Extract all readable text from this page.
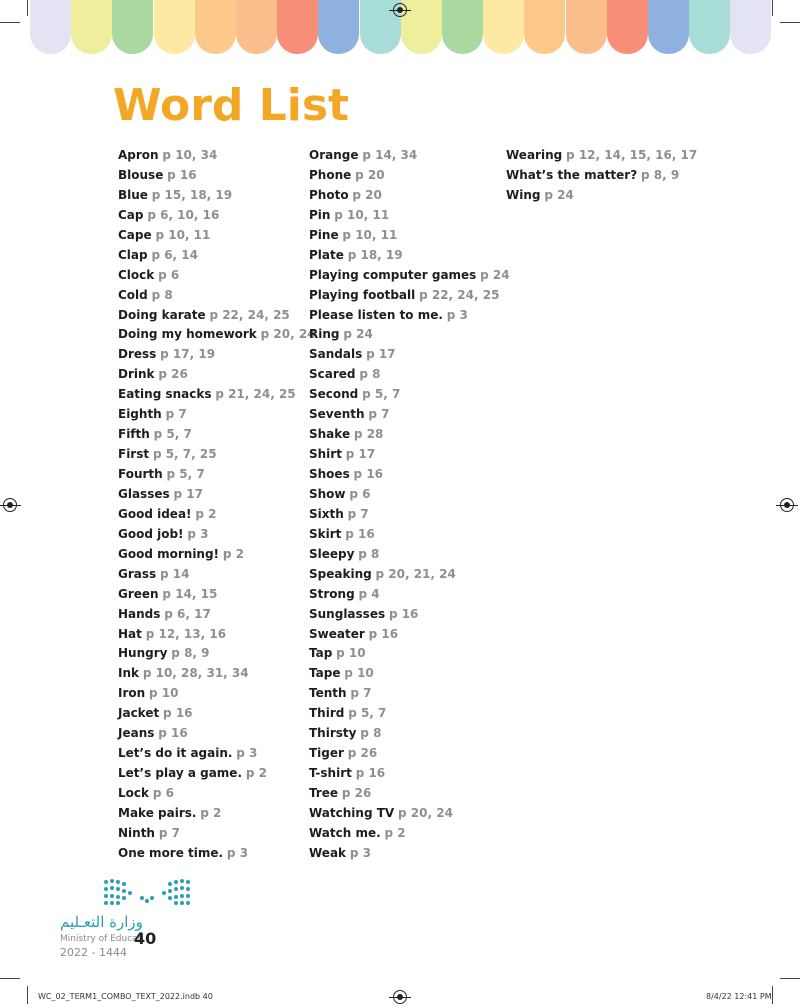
Word List
Apron p 10, 34
Blouse p 16
Blue p 15, 18, 19
Cap p 6, 10, 16
Cape p 10, 11
Clap p 6, 14
Clock p 6
Cold p 8
Doing karate p 22, 24, 25
Doing my homework p 20, 24
Dress p 17, 19
Drink p 26
Eating snacks p 21, 24, 25
Eighth p 7
Fifth p 5, 7
First p 5, 7, 25
Fourth p 5, 7
Glasses p 17
Good idea! p 2
Good job! p 3
Good morning! p 2
Grass p 14
Green p 14, 15
Hands p 6, 17
Hat p 12, 13, 16
Hungry p 8, 9
Ink p 10, 28, 31, 34
Iron p 10
Jacket p 16
Jeans p 16
Let’s do it again. p 3
Let’s play a game. p 2
Lock p 6
Make pairs. p 2
Ninth p 7
One more time. p 3
Orange p 14, 34
Phone p 20
Photo p 20
Pin p 10, 11
Pine p 10, 11
Plate p 18, 19
Playing computer games p 24
Playing football p 22, 24, 25
Please listen to me. p 3
Ring p 24
Sandals p 17
Scared p 8
Second p 5, 7
Seventh p 7
Shake p 28
Shirt p 17
Shoes p 16
Show p 6
Sixth p 7
Skirt p 16
Sleepy p 8
Speaking p 20, 21, 24
Strong p 4
Sunglasses p 16
Sweater p 16
Tap p 10
Tape p 10
Tenth p 7
Third p 5, 7
Thirsty p 8
Tiger p 26
T-shirt p 16
Tree p 26
Watching TV p 20, 24
Watch me. p 2
Weak p 3
Wearing p 12, 14, 15, 16, 17
What’s the matter? p 8, 9
Wing p 24
وزارة التعـليم
Ministry of Educati
40
2022 - 1444
WC_02_TERM1_COMBO_TEXT_2022.indb 40	8/4/22 12:41 PM
